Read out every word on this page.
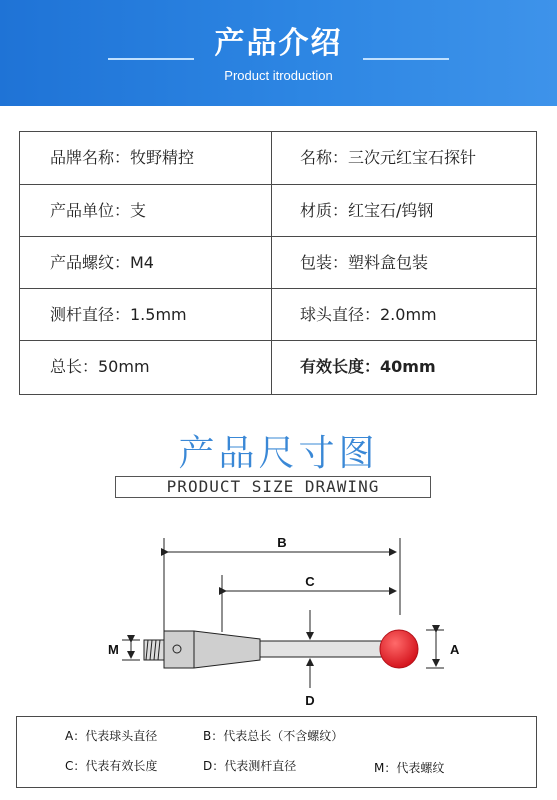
产品介绍
Product itroduction
品牌名称：牧野精控	名称：三次元红宝石探针
产品单位：支	材质：红宝石/钨钢
产品螺纹：M4	包装：塑料盒包装
测杆直径：1.5mm	球头直径：2.0mm
总长：50mm	有效长度：40mm
产品尺寸图
PRODUCT SIZE DRAWING
B
C
M	A
D
A：代表球头直径	B：代表总长（不含螺纹）
C：代表有效长度	D：代表测杆直径	M：代表螺纹
